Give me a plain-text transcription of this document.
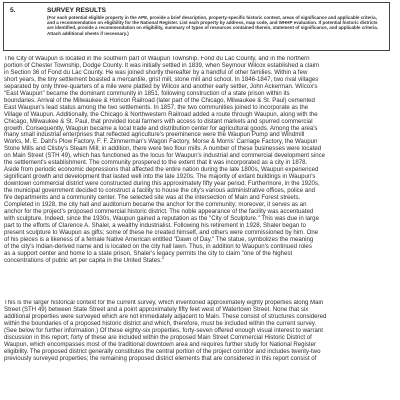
5.	SURVEY RESULTS
(For each potential eligible property in the APE, provide a brief description, property-specific historic context, areas of significance and applicable criteria,
and a recommendation on eligibility for the National Register. List each property by address, map code, and WHHP evaluation. If potential historic districts
are identified, provide a recommendation on eligibility, summary of types of resources contained therein, statement of significance, and applicable criteria.
Attach additional sheets if necessary.)
The City of Waupun is located in the southern part of Waupun Township, Fond du Lac County, and in the northern
portion of Chester Township, Dodge County. It was initially settled in 1839, when Seymour Wilcox established a claim
in Section 36 of Fond du Lac County. He was joined shortly thereafter by a handful of other families. Within a few
short years, the tiny settlement boasted a mercantile, grist mill, stone mill and school. In 1846-1847, two rival villages
separated by only three-quarters of a mile were platted by Wilcox and another early settler, John Ackerman. Wilcox's
"East Waupun" became the dominant community in 1851, following construction of a state prison within its
boundaries. Arrival of the Milwaukee & Horicon Railroad (later part of the Chicago, Milwaukee & St. Paul) cemented
East Waupun's lead status among the two settlements. In 1857, the two communities joined to incorporate as the
Village of Waupun. Additionally, the Chicago & Northwestern Railroad added a route through Waupun, along with the
Chicago, Milwaukee & St. Paul, that provided local farmers with access to distant markets and spurred commercial
growth. Consequently, Waupun became a local trade and distribution center for agricultural goods. Among the area's
many small industrial enterprises that reflected agriculture's preeminence were the Waupun Pump and Windmill
Works, M. E. Dahl's Plow Factory, F. F. Zimmerman's Wagon Factory, Morse & Morris' Carriage Factory, the Waupun
Stone Mills and Clisby's Steam Mill; in addition, there were two flour mills. A number of these businesses were located
on Main Street (STH 49), which has functioned as the locus for Waupun's industrial and commercial development since
the settlement's establishment. The community prospered to the extent that it was incorporated as a city in 1878.
Aside from periodic economic depressions that affected the entire nation during the late 1800s, Waupun experienced
significant growth and development that lasted well into the late 1920s. The majority of extant buildings in Waupun's
downtown commercial district were constructed during this approximately fifty year period. Furthermore, in the 1920s,
the municipal government decided to construct a facility to house the city's various administrative offices, police and
fire departments and a community center. The selected site was at the intersection of Main and Forest streets.
Completed in 1928, the city hall and auditorium became the anchor for the community; moreover, it serves as an
anchor for the project's proposed commercial historic district. The noble appearance of the facility was accentuated
with sculpture. Indeed, since the 1930s, Waupun gained a reputation as the "City of Sculpture." This was due in large
part to the efforts of Clarence A. Shaler, a wealthy industrialist. Following his retirement in 1928, Shaler began to
present sculpture to Waupun as gifts; some of these he created himself, and others were commissioned by him. One
of his pieces is a likeness of a female Native American entitled "Dawn of Day." The statue, symbolizes the meaning
of the city's Indian-derived name and is located on the city hall lawn. Thus, in addition to Waupun's continued roles
as a support center and home to a state prison, Shaler's legacy permits the city to claim "one of the highest
concentrations of public art per capita in the United States."
This is the larger historical context for the current survey, which inventoried approximately eighty properties along Main
Street (STH 49) between State Street and a point approximately fifty feet west of Watertown Street. None that six
additional properties were surveyed which are not immediately adjacent to Main. These consist of structures considered
within the boundaries of a proposed historic district and which, therefore, must be included within the current survey.
(See below for further information.) Of these eighty-six properties, forty-seven offered enough visual interest to warrant
discussion in this report; forty of these are included within the proposed Main Street Commercial Historic District of
Waupun, which encompasses most of the traditional downtown area and requires further study for National Register
eligibility. The proposed district generally constitutes the central portion of the project corridor and includes twenty-two
previously surveyed properties; the remaining proposed district elements that are considered in this report consist of
